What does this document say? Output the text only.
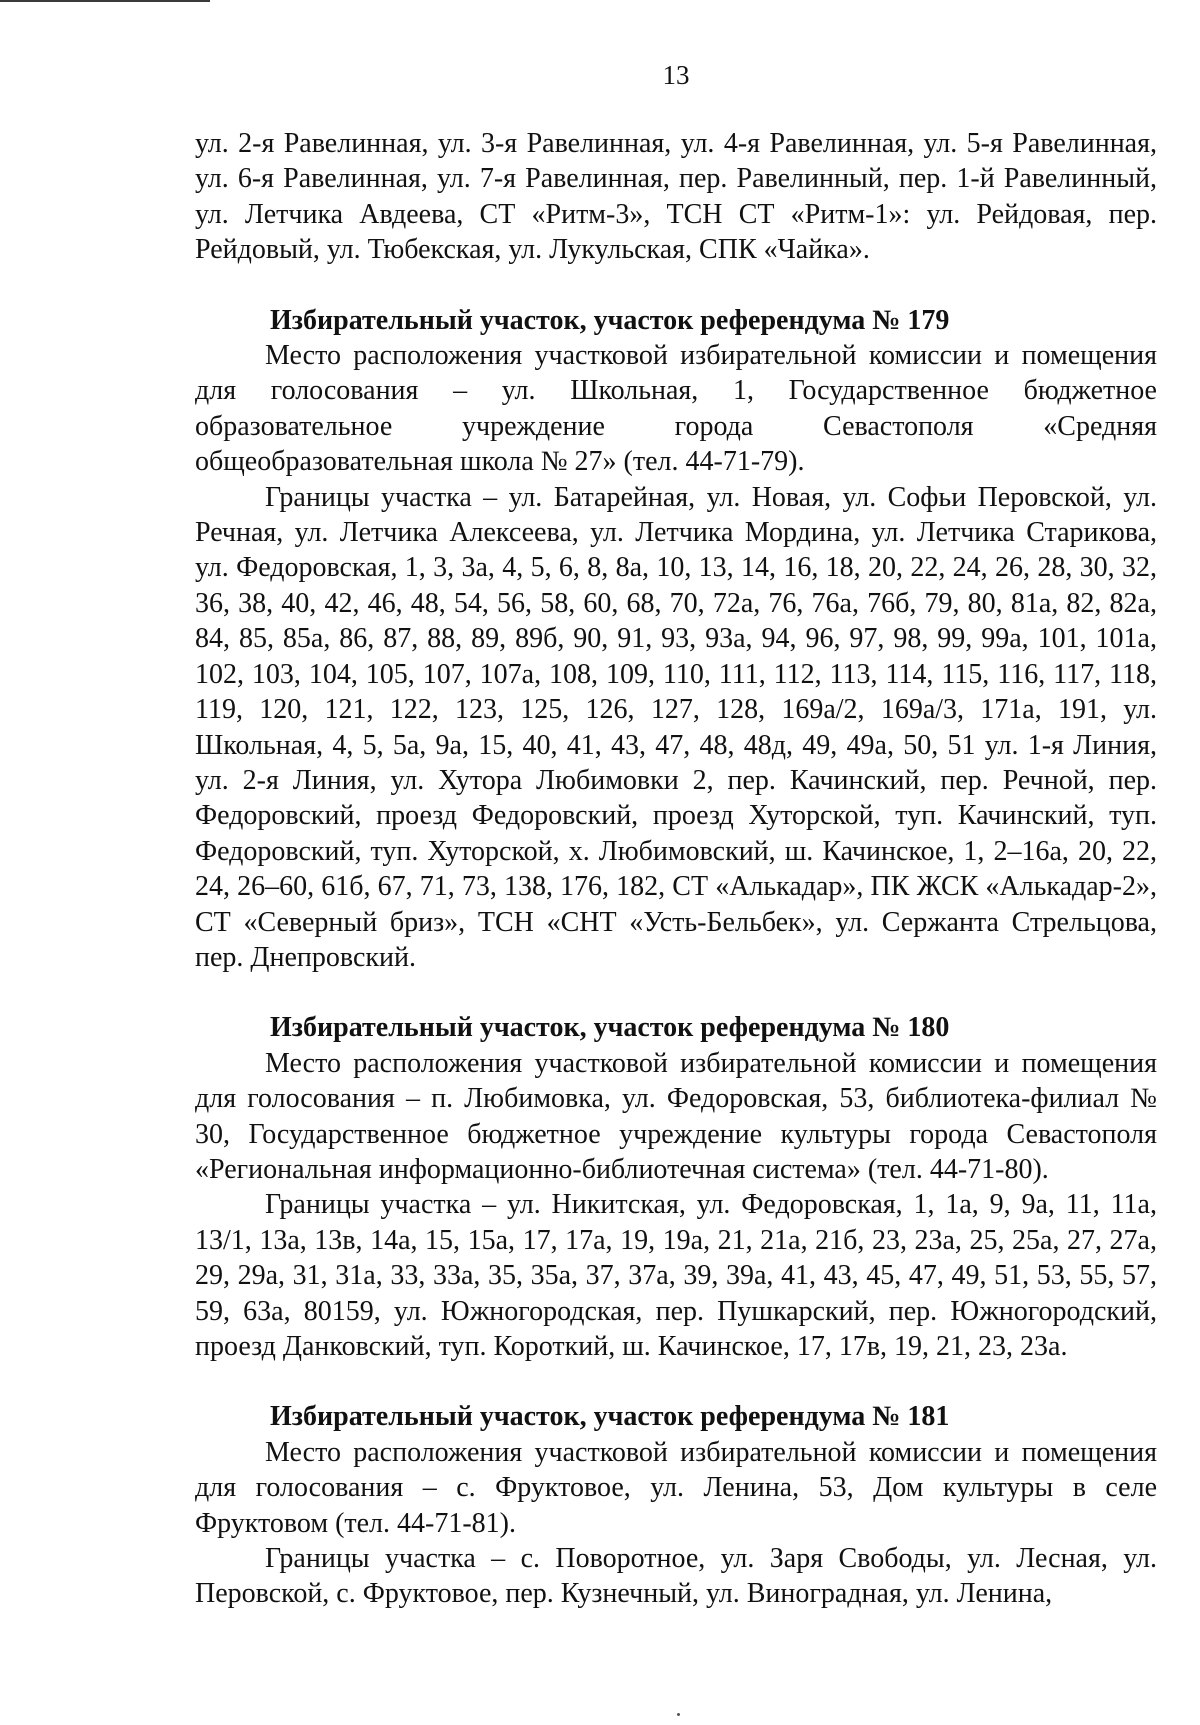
13

ул. 2-я Равелинная, ул. 3-я Равелинная, ул. 4-я Равелинная, ул. 5-я Равелинная, ул. 6-я Равелинная, ул. 7-я Равелинная, пер. Равелинный, пер. 1-й Равелинный, ул. Летчика Авдеева, СТ «Ритм-3», ТСН СТ «Ритм-1»: ул. Рейдовая, пер. Рейдовый, ул. Тюбекская, ул. Лукульская, СПК «Чайка».

Избирательный участок, участок референдума № 179

Место расположения участковой избирательной комиссии и помещения для голосования – ул. Школьная, 1, Государственное бюджетное образовательное учреждение города Севастополя «Средняя общеобразовательная школа № 27» (тел. 44-71-79).

Границы участка – ул. Батарейная, ул. Новая, ул. Софьи Перовской, ул. Речная, ул. Летчика Алексеева, ул. Летчика Мордина, ул. Летчика Старикова, ул. Федоровская, 1, 3, 3а, 4, 5, 6, 8, 8а, 10, 13, 14, 16, 18, 20, 22, 24, 26, 28, 30, 32, 36, 38, 40, 42, 46, 48, 54, 56, 58, 60, 68, 70, 72а, 76, 76а, 76б, 79, 80, 81а, 82, 82а, 84, 85, 85а, 86, 87, 88, 89, 89б, 90, 91, 93, 93а, 94, 96, 97, 98, 99, 99а, 101, 101а, 102, 103, 104, 105, 107, 107а, 108, 109, 110, 111, 112, 113, 114, 115, 116, 117, 118, 119, 120, 121, 122, 123, 125, 126, 127, 128, 169а/2, 169а/3, 171а, 191, ул. Школьная, 4, 5, 5а, 9а, 15, 40, 41, 43, 47, 48, 48д, 49, 49а, 50, 51 ул. 1-я Линия, ул. 2-я Линия, ул. Хутора Любимовки 2, пер. Качинский, пер. Речной, пер. Федоровский, проезд Федоровский, проезд Хуторской, туп. Качинский, туп. Федоровский, туп. Хуторской, х. Любимовский, ш. Качинское, 1, 2–16а, 20, 22, 24, 26–60, 61б, 67, 71, 73, 138, 176, 182, СТ «Алькадар», ПК ЖСК «Алькадар-2», СТ «Северный бриз», ТСН «СНТ «Усть-Бельбек», ул. Сержанта Стрельцова, пер. Днепровский.

Избирательный участок, участок референдума № 180

Место расположения участковой избирательной комиссии и помещения для голосования – п. Любимовка, ул. Федоровская, 53, библиотека-филиал № 30, Государственное бюджетное учреждение культуры города Севастополя «Региональная информационно-библиотечная система» (тел. 44-71-80).

Границы участка – ул. Никитская, ул. Федоровская, 1, 1а, 9, 9а, 11, 11а, 13/1, 13а, 13в, 14а, 15, 15а, 17, 17а, 19, 19а, 21, 21а, 21б, 23, 23а, 25, 25а, 27, 27а, 29, 29а, 31, 31а, 33, 33а, 35, 35а, 37, 37а, 39, 39а, 41, 43, 45, 47, 49, 51, 53, 55, 57, 59, 63а, 80159, ул. Южногородская, пер. Пушкарский, пер. Южногородский, проезд Данковский, туп. Короткий, ш. Качинское, 17, 17в, 19, 21, 23, 23а.

Избирательный участок, участок референдума № 181

Место расположения участковой избирательной комиссии и помещения для голосования – с. Фруктовое, ул. Ленина, 53, Дом культуры в селе Фруктовом (тел. 44-71-81).

Границы участка – с. Поворотное, ул. Заря Свободы, ул. Лесная, ул. Перовской, с. Фруктовое, пер. Кузнечный, ул. Виноградная, ул. Ленина,
